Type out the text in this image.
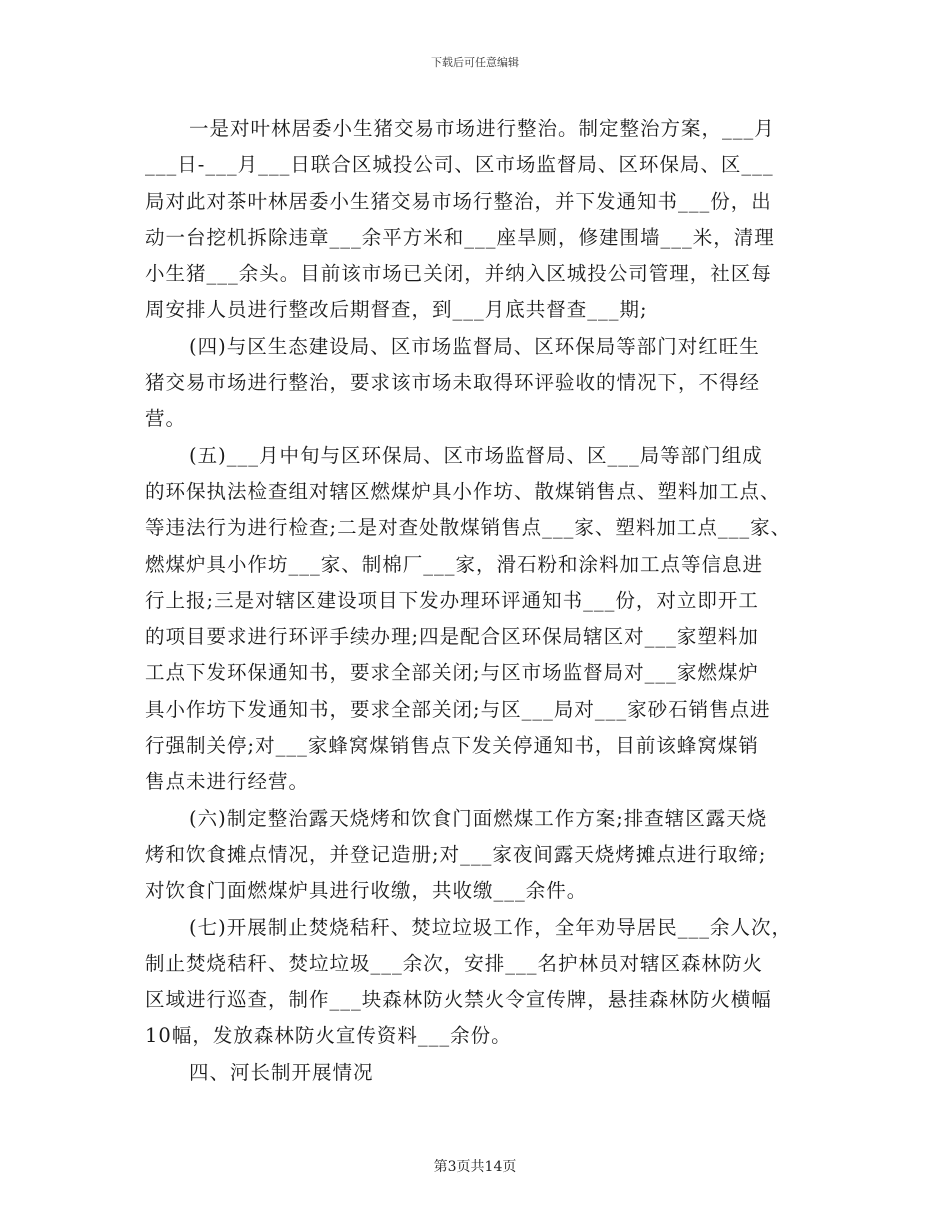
下载后可任意编辑
一是对叶林居委小生猪交易市场进行整治。制定整治方案，___月
___日-___月___日联合区城投公司、区市场监督局、区环保局、区___
局对此对茶叶林居委小生猪交易市场行整治，并下发通知书___份，出
动一台挖机拆除违章___余平方米和___座旱厕，修建围墙___米，清理
小生猪___余头。目前该市场已关闭，并纳入区城投公司管理，社区每
周安排人员进行整改后期督查，到___月底共督查___期;
(四)与区生态建设局、区市场监督局、区环保局等部门对红旺生
猪交易市场进行整治，要求该市场未取得环评验收的情况下，不得经
营。
(五)___月中旬与区环保局、区市场监督局、区___局等部门组成
的环保执法检查组对辖区燃煤炉具小作坊、散煤销售点、塑料加工点、
等违法行为进行检查;二是对查处散煤销售点___家、塑料加工点___家、
燃煤炉具小作坊___家、制棉厂___家，滑石粉和涂料加工点等信息进
行上报;三是对辖区建设项目下发办理环评通知书___份，对立即开工
的项目要求进行环评手续办理;四是配合区环保局辖区对___家塑料加
工点下发环保通知书，要求全部关闭;与区市场监督局对___家燃煤炉
具小作坊下发通知书，要求全部关闭;与区___局对___家砂石销售点进
行强制关停;对___家蜂窝煤销售点下发关停通知书，目前该蜂窝煤销
售点未进行经营。
(六)制定整治露天烧烤和饮食门面燃煤工作方案;排查辖区露天烧
烤和饮食摊点情况，并登记造册;对___家夜间露天烧烤摊点进行取缔;
对饮食门面燃煤炉具进行收缴，共收缴___余件。
(七)开展制止焚烧秸秆、焚垃垃圾工作，全年劝导居民___余人次，
制止焚烧秸秆、焚垃垃圾___余次，安排___名护林员对辖区森林防火
区域进行巡查，制作___块森林防火禁火令宣传牌，悬挂森林防火横幅
10幅，发放森林防火宣传资料___余份。
四、河长制开展情况
第3页共14页
